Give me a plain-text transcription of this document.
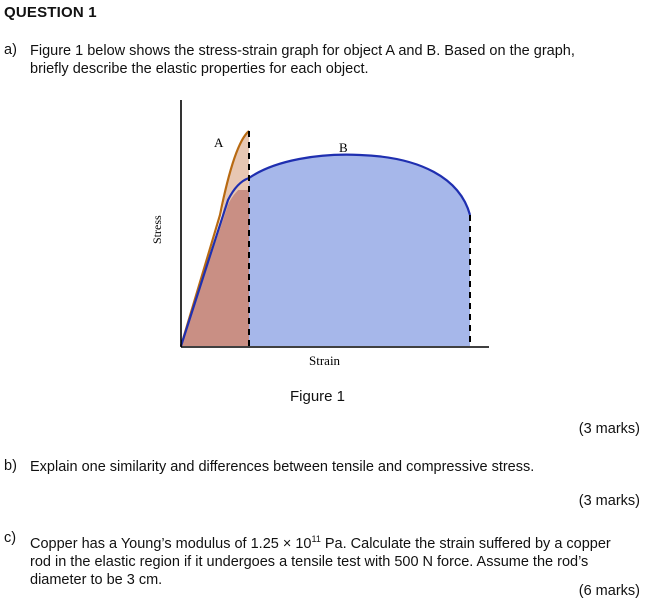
QUESTION 1
a) Figure 1 below shows the stress-strain graph for object A and B. Based on the graph,
briefly describe the elastic properties for each object.
A	B
Stress
Strain
Figure 1
(3 marks)
b) Explain one similarity and differences between tensile and compressive stress.
(3 marks)
c) Copper has a Young’s modulus of $1.25 \times 10^{11}$ Pa. Calculate the strain suffered by a copper
rod in the elastic region if it undergoes a tensile test with 500 N force. Assume the rod’s
diameter to be 3 cm.
(6 marks)
